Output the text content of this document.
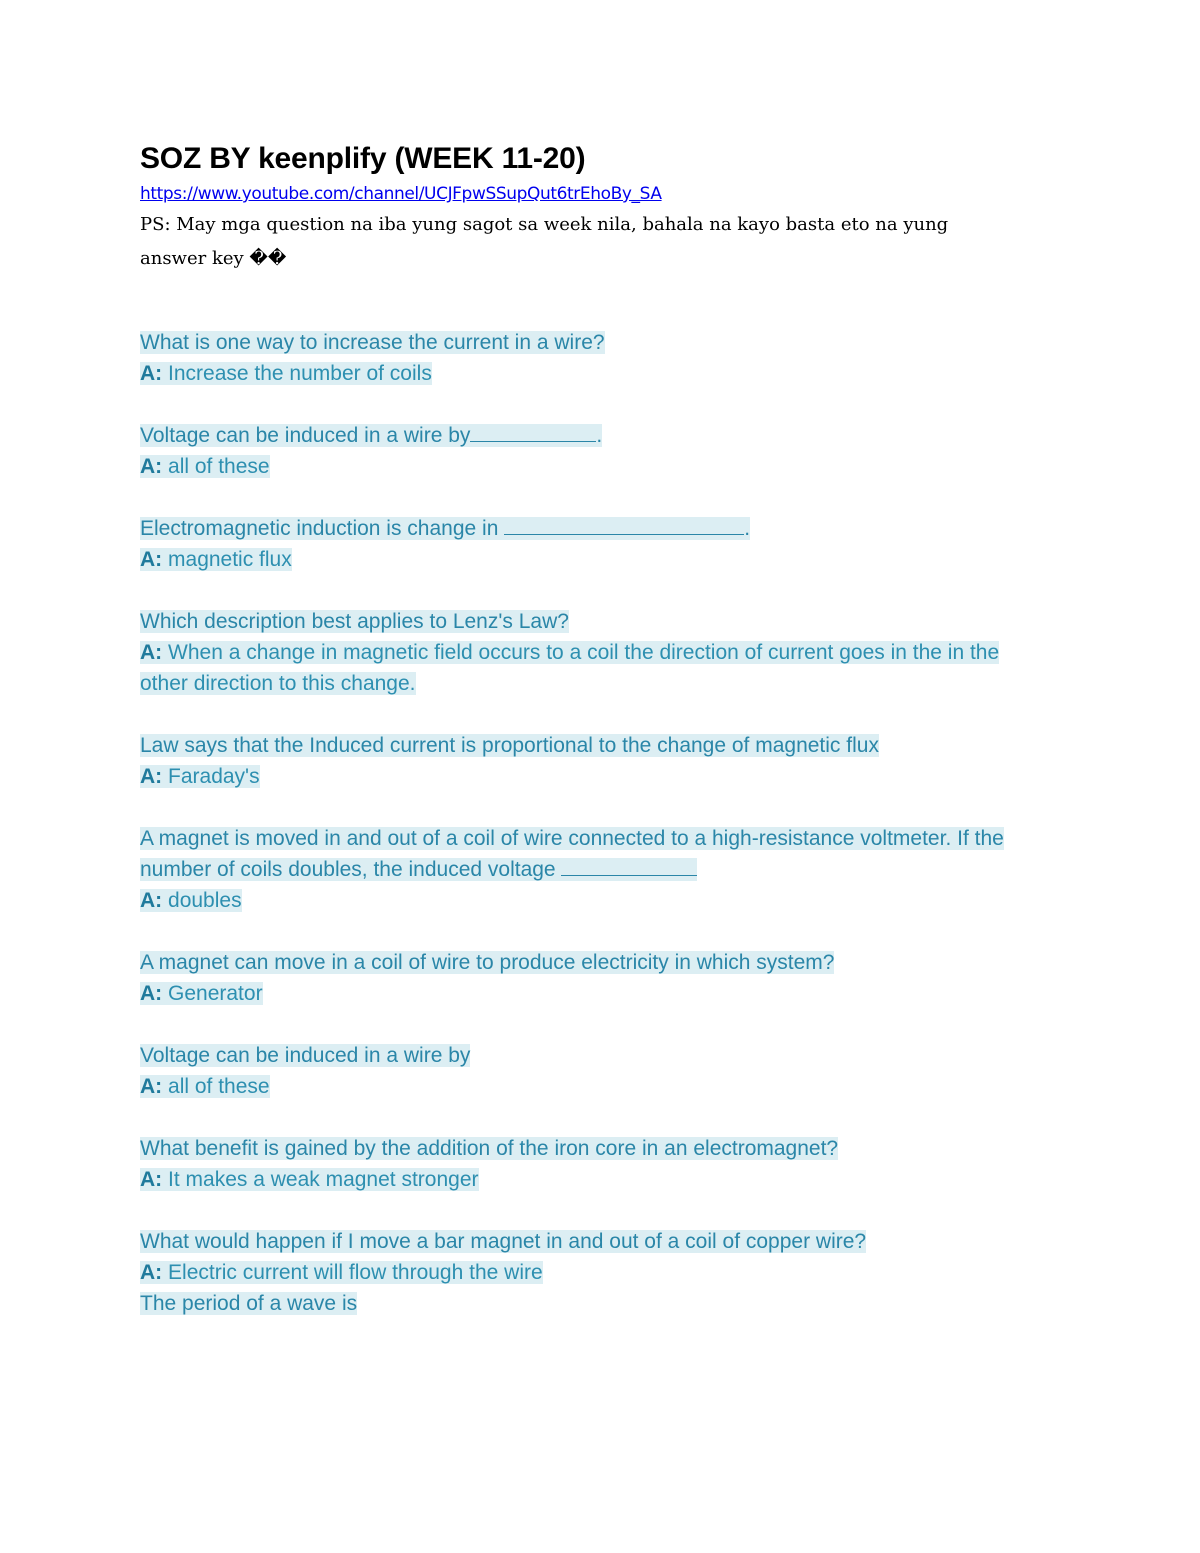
SOZ BY keenplify (WEEK 11-20)
https://www.youtube.com/channel/UCJFpwSSupQut6trEhoBy_SA
PS: May mga question na iba yung sagot sa week nila, bahala na kayo basta eto na yung answer key ��
What is one way to increase the current in a wire?
A: Increase the number of coils
Voltage can be induced in a wire by	.
A: all of these
Electromagnetic induction is change in	.
A: magnetic flux
Which description best applies to Lenz's Law?
A: When a change in magnetic field occurs to a coil the direction of current goes in the in the other direction to this change.
Law says that the Induced current is proportional to the change of magnetic flux
A: Faraday's
A magnet is moved in and out of a coil of wire connected to a high-resistance voltmeter. If the number of coils doubles, the induced voltage
A: doubles
A magnet can move in a coil of wire to produce electricity in which system?
A: Generator
Voltage can be induced in a wire by
A: all of these
What benefit is gained by the addition of the iron core in an electromagnet?
A: It makes a weak magnet stronger
What would happen if I move a bar magnet in and out of a coil of copper wire?
A: Electric current will flow through the wire
The period of a wave is
